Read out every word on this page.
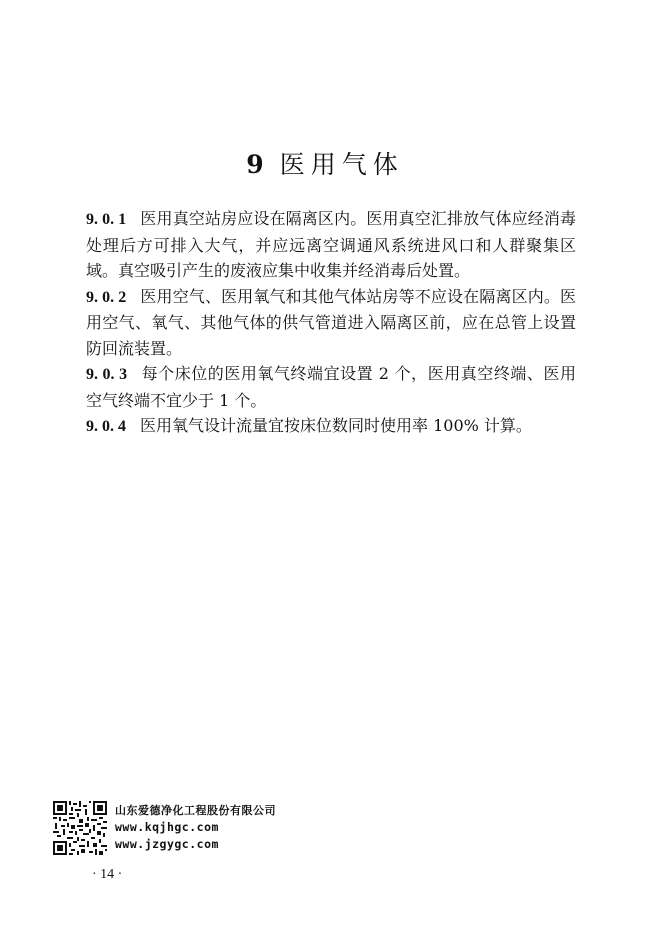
9 医用气体

9. 0. 1 医用真空站房应设在隔离区内。医用真空汇排放气体应经消毒处理后方可排入大气，并应远离空调通风系统进风口和人群聚集区域。真空吸引产生的废液应集中收集并经消毒后处置。

9. 0. 2 医用空气、医用氧气和其他气体站房等不应设在隔离区内。医用空气、氧气、其他气体的供气管道进入隔离区前，应在总管上设置防回流装置。

9. 0. 3 每个床位的医用氧气终端宜设置 2 个，医用真空终端、医用空气终端不宜少于 1 个。

9. 0. 4 医用氧气设计流量宜按床位数同时使用率 100% 计算。

山东爱德净化工程股份有限公司
www.kqjhgc.com
www.jzgygc.com
· 14 ·
